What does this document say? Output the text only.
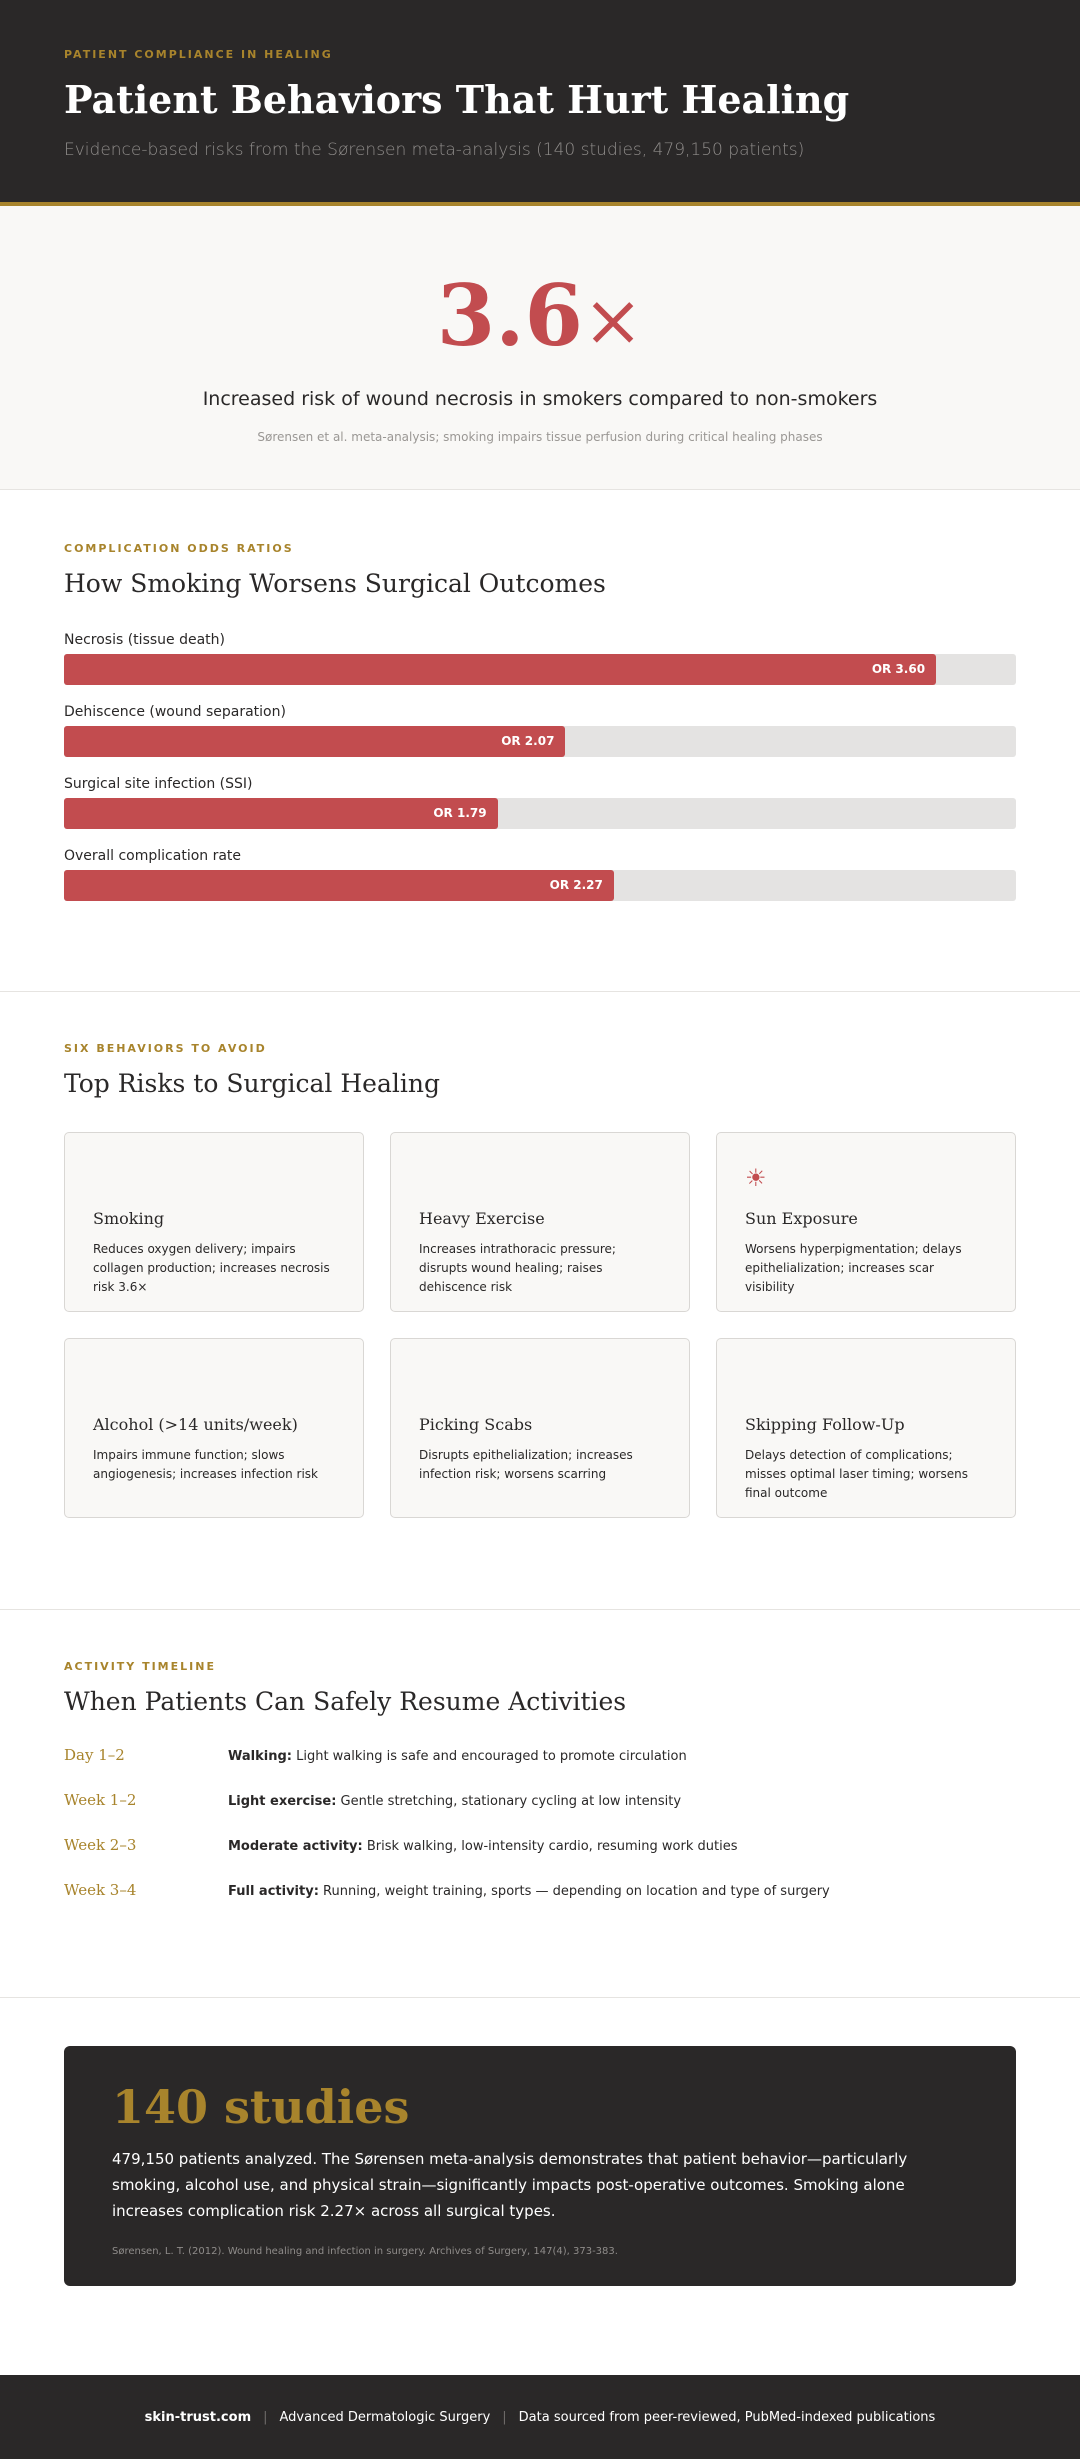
PATIENT COMPLIANCE IN HEALING
Patient Behaviors That Hurt Healing
Evidence-based risks from the Sørensen meta-analysis (140 studies, 479,150 patients)
3.6×
Increased risk of wound necrosis in smokers compared to non-smokers
Sørensen et al. meta-analysis; smoking impairs tissue perfusion during critical healing phases
COMPLICATION ODDS RATIOS
How Smoking Worsens Surgical Outcomes
Necrosis (tissue death)
OR 3.60
Dehiscence (wound separation)
OR 2.07
Surgical site infection (SSI)
OR 1.79
Overall complication rate
OR 2.27
SIX BEHAVIORS TO AVOID
Top Risks to Surgical Healing
Smoking

Reduces oxygen delivery; impairs collagen production; increases necrosis risk 3.6×

Heavy Exercise

Increases intrathoracic pressure; disrupts wound healing; raises dehiscence risk

☀
Sun Exposure

Worsens hyperpigmentation; delays epithelialization; increases scar visibility

Alcohol (>14 units/week)

Impairs immune function; slows angiogenesis; increases infection risk

Picking Scabs

Disrupts epithelialization; increases infection risk; worsens scarring

Skipping Follow-Up

Delays detection of complications; misses optimal laser timing; worsens final outcome

ACTIVITY TIMELINE
When Patients Can Safely Resume Activities
Day 1–2	Walking: Light walking is safe and encouraged to promote circulation
Week 1–2	Light exercise: Gentle stretching, stationary cycling at low intensity
Week 2–3	Moderate activity: Brisk walking, low-intensity cardio, resuming work duties
Week 3–4	Full activity: Running, weight training, sports — depending on location and type of surgery
140 studies

479,150 patients analyzed. The Sørensen meta-analysis demonstrates that patient behavior—particularly smoking, alcohol use, and physical strain—significantly impacts post-operative outcomes. Smoking alone increases complication risk 2.27× across all surgical types.

Sørensen, L. T. (2012). Wound healing and infection in surgery. Archives of Surgery, 147(4), 373-383.
skin-trust.com | Advanced Dermatologic Surgery | Data sourced from peer-reviewed, PubMed-indexed publications
